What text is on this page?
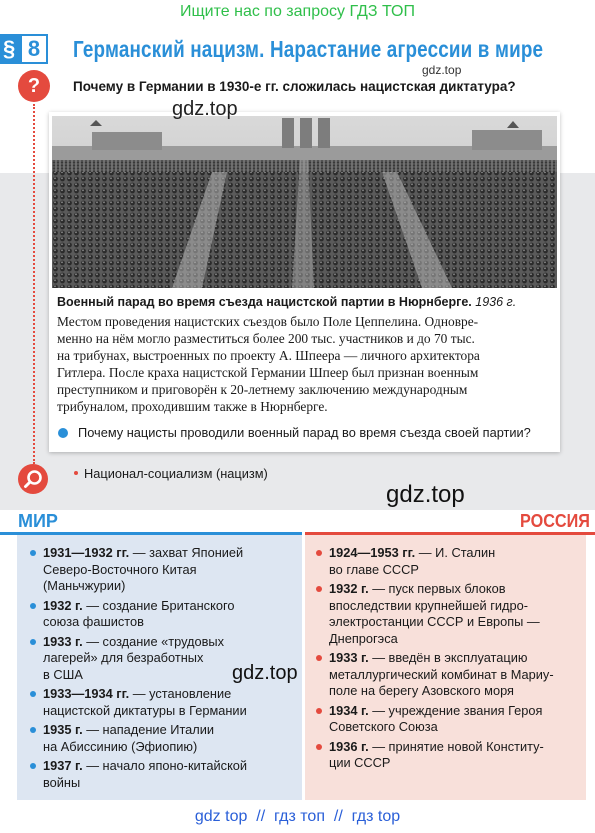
Ищите нас по запросу ГДЗ ТОП
§ 8	Германский нацизм. Нарастание агрессии в мире
?	Почему в Германии в 1930-е гг. сложилась нацистская диктатура?
gdz.top
gdz.top
Военный парад во время съезда нацистской партии в Нюрнберге. 1936 г.
Местом проведения нацистских съездов было Поле Цеппелина. Одновре-
менно на нём могло разместиться более 200 тыс. участников и до 70 тыс.
на трибунах, выстроенных по проекту А. Шпеера — личного архитектора
Гитлера. После краха нацистской Германии Шпеер был признан военным
преступником и приговорён к 20-летнему заключению международным
трибуналом, проходившим также в Нюрнберге.
Почему нацисты проводили военный парад во время съезда своей партии?
Национал-социализм (нацизм)
gdz.top
МИР	РОССИЯ
1931—1932 гг. — захват Японией
Северо-Восточного Китая
(Маньчжурии)
1932 г. — создание Британского
союза фашистов
1933 г. — создание «трудовых
лагерей» для безработных
в США
1933—1934 гг. — установление
нацистской диктатуры в Германии
1935 г. — нападение Италии
на Абиссинию (Эфиопию)
1937 г. — начало японо-китайской
войны
1924—1953 гг. — И. Сталин
во главе СССР
1932 г. — пуск первых блоков
впоследствии крупнейшей гидро-
электростанции СССР и Европы —
Днепрогэса
1933 г. — введён в эксплуатацию
металлургический комбинат в Мариу-
поле на берегу Азовского моря
1934 г. — учреждение звания Героя
Советского Союза
1936 г. — принятие новой Конститу-
ции СССР
gdz.top
gdz top  //  гдз топ  //  гдз top
